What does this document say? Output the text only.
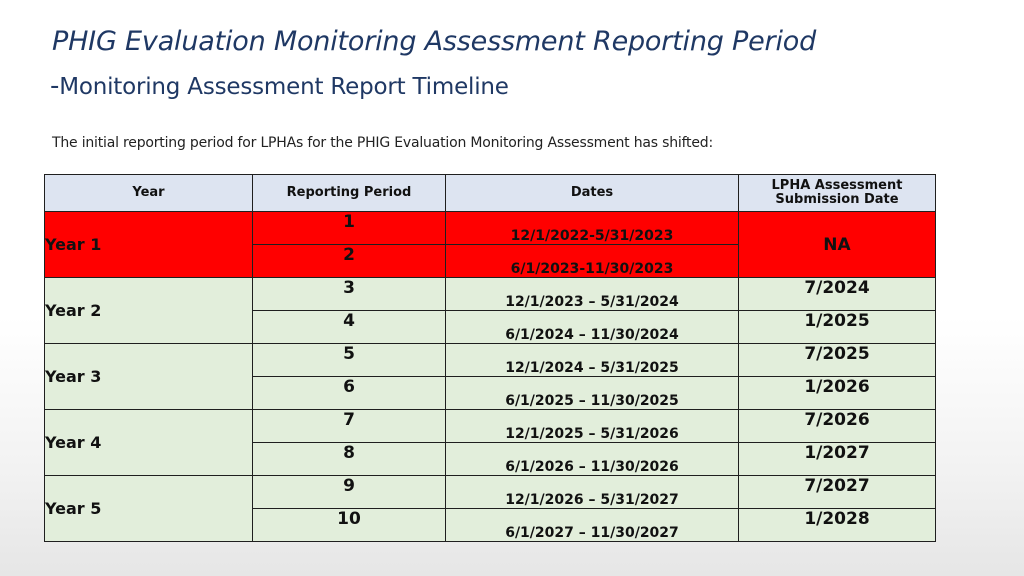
PHIG Evaluation Monitoring Assessment Reporting Period
-Monitoring Assessment Report Timeline
The initial reporting period for LPHAs for the PHIG Evaluation Monitoring Assessment has shifted:
Year	Reporting Period	Dates	LPHA Assessment
Submission Date
Year 1	1	12/1/2022-5/31/2023	NA
	2	6/1/2023-11/30/2023	
Year 2	3	12/1/2023 – 5/31/2024	7/2024
	4	6/1/2024 – 11/30/2024	1/2025
Year 3	5	12/1/2024 – 5/31/2025	7/2025
	6	6/1/2025 – 11/30/2025	1/2026
Year 4	7	12/1/2025 – 5/31/2026	7/2026
	8	6/1/2026 – 11/30/2026	1/2027
Year 5	9	12/1/2026 – 5/31/2027	7/2027
	10	6/1/2027 – 11/30/2027	1/2028
